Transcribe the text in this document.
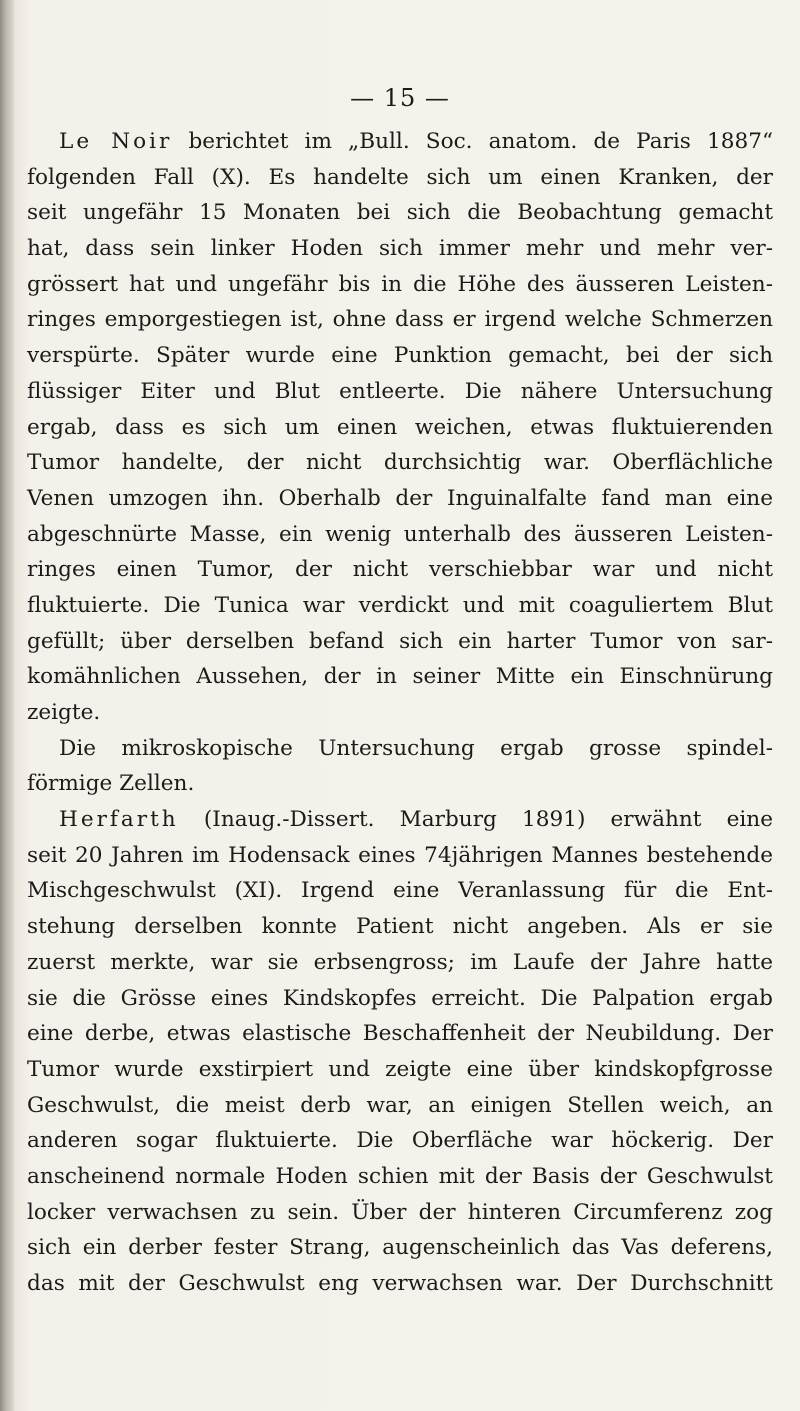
— 15 —
Le Noir berichtet im „Bull. Soc. anatom. de Paris 1887“
folgenden Fall (X). Es handelte sich um einen Kranken, der
seit ungefähr 15 Monaten bei sich die Beobachtung gemacht
hat, dass sein linker Hoden sich immer mehr und mehr ver-
grössert hat und ungefähr bis in die Höhe des äusseren Leisten-
ringes emporgestiegen ist, ohne dass er irgend welche Schmerzen
verspürte. Später wurde eine Punktion gemacht, bei der sich
flüssiger Eiter und Blut entleerte. Die nähere Untersuchung
ergab, dass es sich um einen weichen, etwas fluktuierenden
Tumor handelte, der nicht durchsichtig war. Oberflächliche
Venen umzogen ihn. Oberhalb der Inguinalfalte fand man eine
abgeschnürte Masse, ein wenig unterhalb des äusseren Leisten-
ringes einen Tumor, der nicht verschiebbar war und nicht
fluktuierte. Die Tunica war verdickt und mit coaguliertem Blut
gefüllt; über derselben befand sich ein harter Tumor von sar-
komähnlichen Aussehen, der in seiner Mitte ein Einschnürung
zeigte.
Die mikroskopische Untersuchung ergab grosse spindel-
förmige Zellen.
Herfarth (Inaug.-Dissert. Marburg 1891) erwähnt eine
seit 20 Jahren im Hodensack eines 74jährigen Mannes bestehende
Mischgeschwulst (XI). Irgend eine Veranlassung für die Ent-
stehung derselben konnte Patient nicht angeben. Als er sie
zuerst merkte, war sie erbsengross; im Laufe der Jahre hatte
sie die Grösse eines Kindskopfes erreicht. Die Palpation ergab
eine derbe, etwas elastische Beschaffenheit der Neubildung. Der
Tumor wurde exstirpiert und zeigte eine über kindskopfgrosse
Geschwulst, die meist derb war, an einigen Stellen weich, an
anderen sogar fluktuierte. Die Oberfläche war höckerig. Der
anscheinend normale Hoden schien mit der Basis der Geschwulst
locker verwachsen zu sein. Über der hinteren Circumferenz zog
sich ein derber fester Strang, augenscheinlich das Vas deferens,
das mit der Geschwulst eng verwachsen war. Der Durchschnitt
